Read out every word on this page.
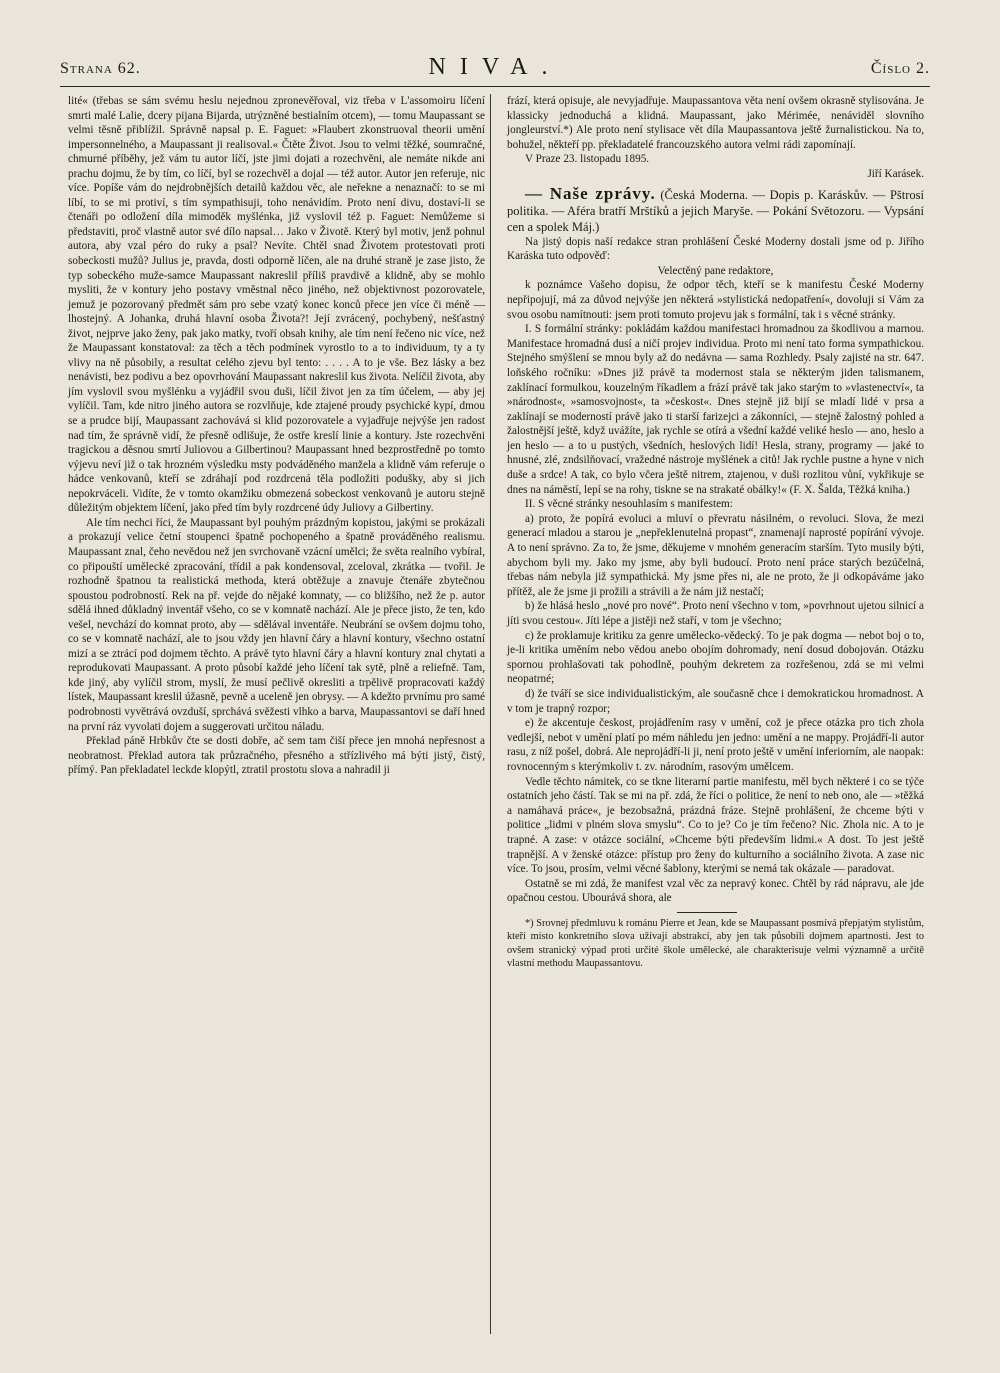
Strana 62.	NIVA.	Číslo 2.

lité« (třebas se sám svému heslu nejednou zpronevěřoval, viz třeba v L'assomoiru líčení smrti malé Lalie, dcery pijana Bijarda, utrýzněné bestialním otcem), — tomu Maupassant se velmi těsně přiblížil. Správně napsal p. E. Faguet: »Flaubert zkonstruoval theorii umění impersonnelného, a Maupassant ji realisoval.« Čtěte Život. Jsou to velmi těžké, soumračné, chmurné příběhy, jež vám tu autor líčí, jste jimi dojati a rozechvěni, ale nemáte nikde ani prachu dojmu, že by tím, co líčí, byl se rozechvěl a dojal — též autor. Autor jen referuje, nic více. Popíše vám do nejdrobnějších detailů každou věc, ale neřekne a nenaznačí: to se mi líbí, to se mi protiví, s tím sympathisuji, toho nenávidím. Proto není divu, dostaví-li se čtenáři po odložení díla mimoděk myšlénka, již vyslovil též p. Faguet: Nemůžeme si představiti, proč vlastně autor své dílo napsal… Jako v Životě. Který byl motiv, jenž pohnul autora, aby vzal péro do ruky a psal? Nevíte. Chtěl snad Životem protestovati proti sobeckosti mužů? Julius je, pravda, dosti odporně líčen, ale na druhé straně je zase jisto, že typ sobeckého muže-samce Maupassant nakreslil příliš pravdivě a klidně, aby se mohlo mysliti, že v kontury jeho postavy vměstnal něco jiného, než objektivnost pozorovatele, jemuž je pozorovaný předmět sám pro sebe vzatý konec konců přece jen více či méně — lhostejný. A Johanka, druhá hlavní osoba Života?! Její zvrácený, pochybený, nešťastný život, nejprve jako ženy, pak jako matky, tvoří obsah knihy, ale tím není řečeno nic více, než že Maupassant konstatoval: za těch a těch podmínek vyrostlo to a to individuum, ty a ty vlivy na ně působily, a resultat celého zjevu byl tento: . . . . A to je vše. Bez lásky a bez nenávisti, bez podivu a bez opovrhování Maupassant nakreslil kus života. Nelíčil života, aby jím vyslovil svou myšlénku a vyjádřil svou duši, líčil život jen za tím účelem, — aby jej vylíčil. Tam, kde nitro jiného autora se rozvlňuje, kde ztajené proudy psychické kypí, dmou se a prudce bijí, Maupassant zachovává si klid pozorovatele a vyjadřuje nejvýše jen radost nad tím, že správně vidí, že přesně odlišuje, že ostře kreslí linie a kontury. Jste rozechvěni tragickou a děsnou smrtí Juliovou a Gilbertinou? Maupassant hned bezprostředně po tomto výjevu neví již o tak hrozném výsledku msty podváděného manžela a klidně vám referuje o hádce venkovanů, kteří se zdráhají pod rozdrcená těla podložiti podušky, aby si jich nepokrváceli. Vidíte, že v tomto okamžiku obmezená sobeckost venkovanů je autoru stejně důležitým objektem líčení, jako před tím byly rozdrcené údy Juliovy a Gilbertiny.

Ale tím nechci říci, že Maupassant byl pouhým prázdným kopistou, jakými se prokázali a prokazují velice četní stoupenci špatně pochopeného a špatně prováděného realismu. Maupassant znal, čeho nevědou než jen svrchovaně vzácní umělci; že světa realního vybíral, co připouští umělecké zpracování, třídil a pak kondensoval, zceloval, zkrátka — tvořil. Je rozhodně špatnou ta realistická methoda, která obtěžuje a znavuje čtenáře zbytečnou spoustou podrobností. Rek na př. vejde do nějaké komnaty, — co bližšího, než že p. autor sdělá ihned důkladný inventář všeho, co se v komnatě nachází. Ale je přece jisto, že ten, kdo vešel, nevchází do komnat proto, aby — sdělával inventáře. Neubrání se ovšem dojmu toho, co se v komnatě nachází, ale to jsou vždy jen hlavní čáry a hlavní kontury, všechno ostatní mizí a se ztrácí pod dojmem těchto. A právě tyto hlavní čáry a hlavní kontury znal chytati a reprodukovati Maupassant. A proto působí každé jeho líčení tak sytě, plně a reliefně. Tam, kde jiný, aby vylíčil strom, myslí, že musí pečlivě okresliti a trpělivě propracovati každý lístek, Maupassant kreslil úžasně, pevně a uceleně jen obrysy. — A kdežto prvnímu pro samé podrobnosti vyvětrává ovzduší, sprchává svěžesti vlhko a barva, Maupassantovi se daří hned na první ráz vyvolati dojem a suggerovati určitou náladu.

Překlad páně Hrbkův čte se dosti dobře, ač sem tam čiší přece jen mnohá nepřesnost a neobratnost. Překlad autora tak průzračného, přesného a střízlivého má býti jistý, čistý, přímý. Pan překladatel leckde klopýtl, ztratil prostotu slova a nahradil ji

frází, která opisuje, ale nevyjadřuje. Maupassantova věta není ovšem okrasně stylisována. Je klassicky jednoduchá a klidná. Maupassant, jako Mérimée, nenáviděl slovního jongleurství.*) Ale proto není stylisace vět díla Maupassantova ještě žurnalistickou. Na to, bohužel, někteří pp. překladatelé francouzského autora velmi rádi zapomínají.

V Praze 23. listopadu 1895.

Jiří Karásek.

— Naše zprávy. (Česká Moderna. — Dopis p. Karáskův. — Pštrosí politika. — Aféra bratří Mrštíků a jejich Maryše. — Pokání Světozoru. — Vypsání cen a spolek Máj.)

Na jistý dopis naší redakce stran prohlášení České Moderny dostali jsme od p. Jiřího Karáska tuto odpověď:

Velectěný pane redaktore,

k poznámce Vašeho dopisu, že odpor těch, kteří se k manifestu České Moderny nepřipojují, má za důvod nejvýše jen některá »stylistická nedopatření«, dovoluji si Vám za svou osobu namítnouti: jsem proti tomuto projevu jak s formální, tak i s věcné stránky.

I. S formální stránky: pokládám každou manifestaci hromadnou za škodlivou a marnou. Manifestace hromadná dusí a ničí projev individua. Proto mi není tato forma sympathickou. Stejného smýšlení se mnou byly až do nedávna — sama Rozhledy. Psaly zajisté na str. 647. loňského ročníku: »Dnes již právě ta modernost stala se některým jiden talismanem, zaklínací formulkou, kouzelným říkadlem a frází právě tak jako starým to »vlastenectví«, ta »národnost«, »samosvojnost«, ta »českost«. Dnes stejně již bijí se mladí lidé v prsa a zaklínají se moderností právě jako ti starší farizejci a zákonníci, — stejně žalostný pohled a žalostnější ještě, když uvážíte, jak rychle se otírá a všední každé veliké heslo — ano, heslo a jen heslo — a to u pustých, všedních, heslových lidí! Hesla, strany, programy — jaké to hnusné, zlé, zndsilňovací, vražedné nástroje myšlének a citů! Jak rychle pustne a hyne v nich duše a srdce! A tak, co bylo včera ještě nitrem, ztajenou, v duši rozlitou vůní, vykřikuje se dnes na náměstí, lepí se na rohy, tiskne se na strakaté obálky!« (F. X. Šalda, Těžká kniha.)

II. S věcné stránky nesouhlasím s manifestem:

a) proto, že popírá evoluci a mluví o převratu násilném, o revoluci. Slova, že mezi generací mladou a starou je „nepřeklenutelná propast“, znamenají naprosté popírání vývoje. A to není správno. Za to, že jsme, děkujeme v mnohém generacím starším. Tyto musily býti, abychom byli my. Jako my jsme, aby byli budoucí. Proto není práce starých bezúčelná, třebas nám nebyla již sympathická. My jsme přes ni, ale ne proto, že ji odkopáváme jako přítěž, ale že jsme ji prožili a strávili a že nám již nestačí;

b) že hlásá heslo „nové pro nové“. Proto není všechno v tom, »povrhnout ujetou silnicí a jíti svou cestou«. Jíti lépe a jistěji než staří, v tom je všechno;

c) že proklamuje kritiku za genre umělecko-vědecký. To je pak dogma — nebot boj o to, je-li kritika uměním nebo vědou anebo obojím dohromady, není dosud dobojován. Otázku spornou prohlašovati tak pohodlně, pouhým dekretem za rozřešenou, zdá se mi velmi neopatrné;

d) že tváří se sice individualistickým, ale současně chce i demokratickou hromadnost. A v tom je trapný rozpor;

e) že akcentuje českost, projádřením rasy v umění, což je přece otázka pro tich zhola vedlejší, nebot v umění platí po mém náhledu jen jedno: umění a ne mappy. Projádří-li autor rasu, z níž pošel, dobrá. Ale neprojádří-li ji, není proto ještě v umění inferiorním, ale naopak: rovnocenným s kterýmkoliv t. zv. národním, rasovým umělcem.

Vedle těchto námitek, co se tkne literarní partie manifestu, měl bych některé i co se týče ostatních jeho částí. Tak se mi na př. zdá, že říci o politice, že není to neb ono, ale — »těžká a namáhavá práce«, je bezobsažná, prázdná fráze. Stejně prohlášení, že chceme býti v politice „lidmi v plném slova smyslu“. Co to je? Co je tím řečeno? Nic. Zhola nic. A to je trapné. A zase: v otázce sociální, »Chceme býti především lidmi.« A dost. To jest ještě trapnější. A v ženské otázce: přístup pro ženy do kulturního a sociálního života. A zase nic více. To jsou, prosím, velmi věcné šablony, kterými se nemá tak okázale — paradovat.

Ostatně se mi zdá, že manifest vzal věc za nepravý konec. Chtěl by rád nápravu, ale jde opačnou cestou. Ubourává shora, ale

*) Srovnej předmluvu k románu Pierre et Jean, kde se Maupassant posmívá přepjatým stylistům, kteří místo konkretního slova užívají abstrakcí, aby jen tak působili dojmem apartnosti. Jest to ovšem stranický výpad proti určité škole umělecké, ale charakterisuje velmi významně a určitě vlastní methodu Maupassantovu.
